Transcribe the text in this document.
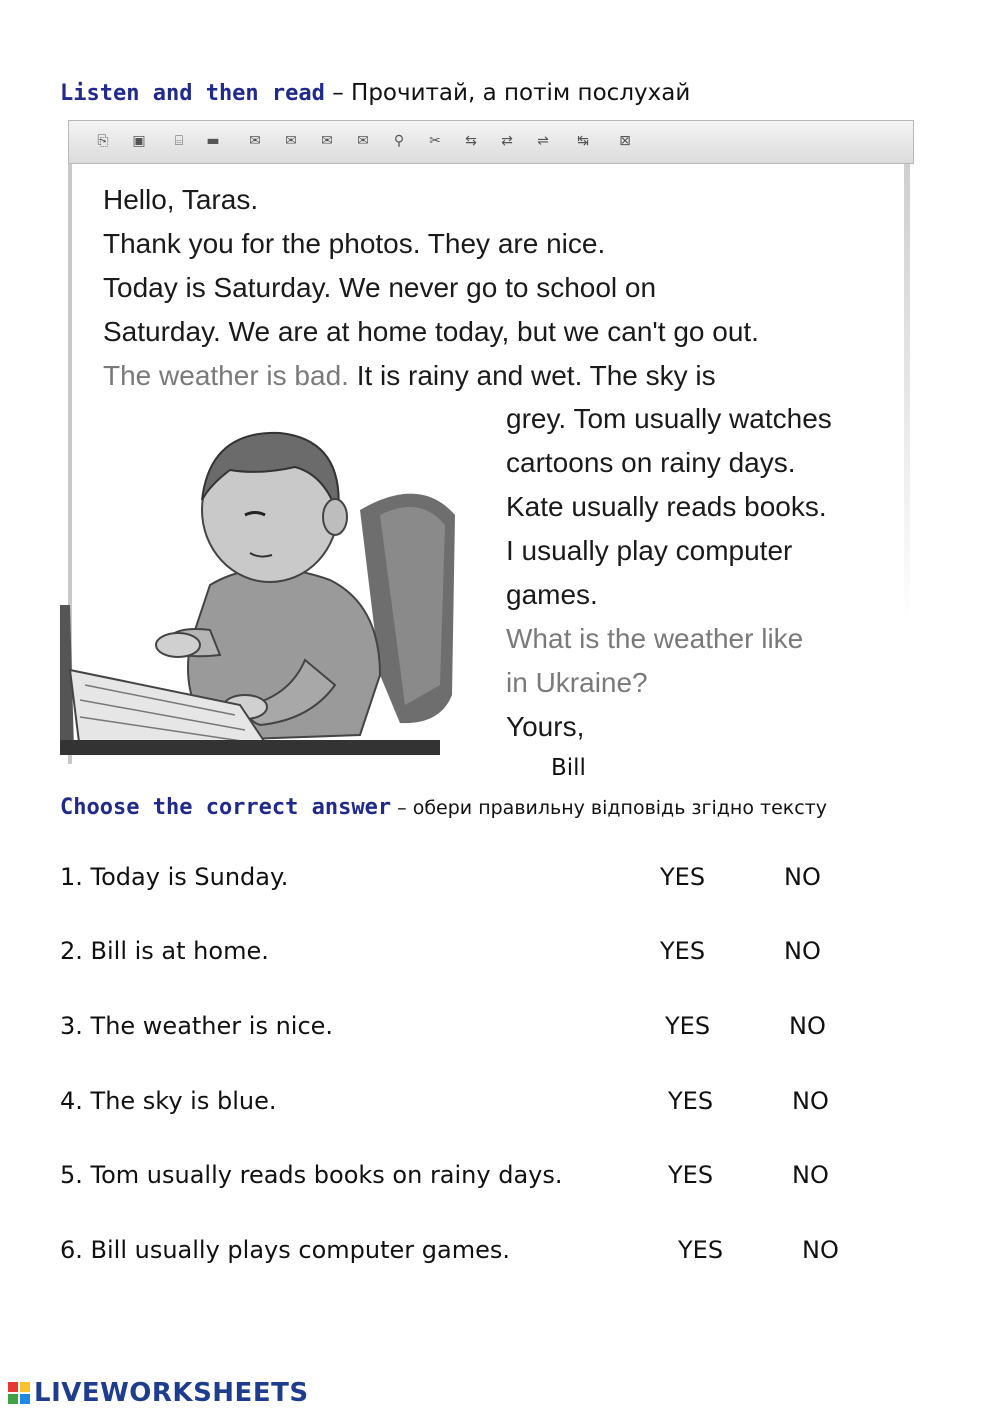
Listen and then read – Прочитай, а потім послухай
⎘	▣	⌸	▬ ✉ ✉ ✉ ✉	⚲	✂ ⇆ ⇄ ⇌ ↹ ⊠
Hello, Taras.
Thank you for the photos. They are nice.
Today is Saturday. We never go to school on
Saturday. We are at home today, but we can't go out.
The weather is bad. It is rainy and wet. The sky is
grey. Tom usually watches
cartoons on rainy days.
Kate usually reads books.
I usually play computer
games.
What is the weather like
in Ukraine?
Yours,
Bill
Choose the correct answer – обери правильну відповідь згідно тексту
1. Today is Sunday.	YES	NO
2. Bill is at home.	YES	NO
3. The weather is nice.	YES	NO
4. The sky is blue.	YES	NO
5. Tom usually reads books on rainy days.	YES	NO
6. Bill usually plays computer games.	YES	NO
LIVEWORKSHEETS
